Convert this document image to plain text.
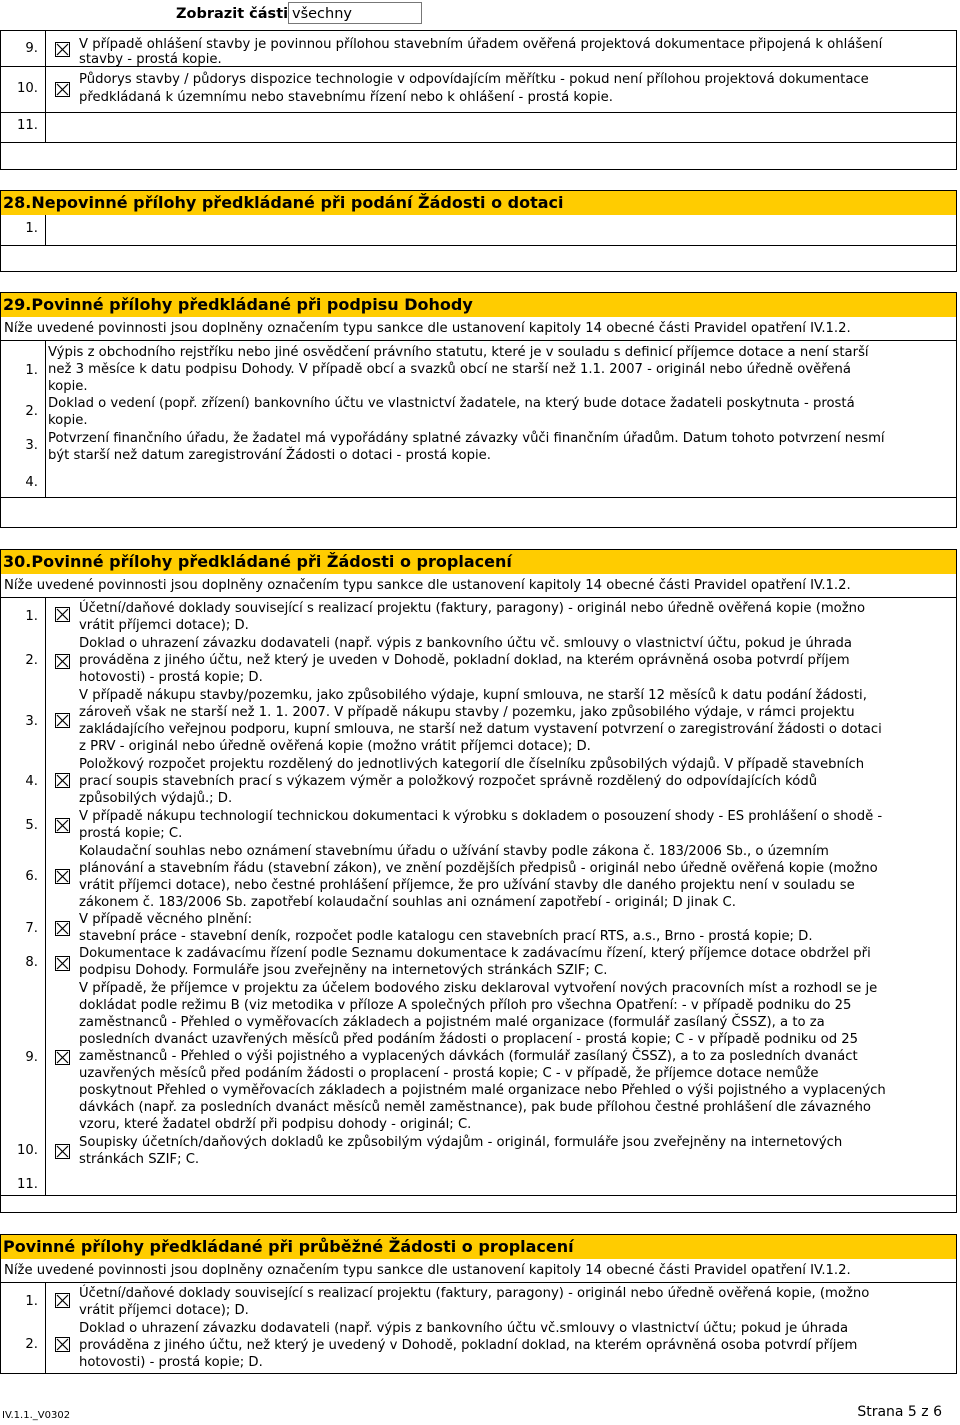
Zobrazit části všechny
9.	V případě ohlášení stavby je povinnou přílohou stavebním úřadem ověřená projektová dokumentace připojená k ohlášení
stavby - prostá kopie.
10.
Půdorys stavby / půdorys dispozice technologie v odpovídajícím měřítku - pokud není přílohou projektová dokumentace
předkládaná k územnímu nebo stavebnímu řízení nebo k ohlášení - prostá kopie.
11.
28.Nepovinné přílohy předkládané při podání Žádosti o dotaci
1.
29.Povinné přílohy předkládané při podpisu Dohody
Níže uvedené povinnosti jsou doplněny označením typu sankce dle ustanovení kapitoly 14 obecné části Pravidel opatření IV.1.2.
1.
Výpis z obchodního rejstříku nebo jiné osvědčení právního statutu, které je v souladu s definicí příjemce dotace a není starší
než 3 měsíce k datu podpisu Dohody. V případě obcí a svazků obcí ne starší než 1.1. 2007 - originál nebo úředně ověřená
kopie.
2.
Doklad o vedení (popř. zřízení) bankovního účtu ve vlastnictví žadatele, na který bude dotace žadateli poskytnuta - prostá
kopie.
3. Potvrzení finančního úřadu, že žadatel má vypořádány splatné závazky vůči finančním úřadům. Datum tohoto potvrzení nesmí
být starší než datum zaregistrování Žádosti o dotaci - prostá kopie.
4.
30.Povinné přílohy předkládané při Žádosti o proplacení
Níže uvedené povinnosti jsou doplněny označením typu sankce dle ustanovení kapitoly 14 obecné části Pravidel opatření IV.1.2.
1.
Účetní/daňové doklady související s realizací projektu (faktury, paragony) - originál nebo úředně ověřená kopie (možno
vrátit příjemci dotace); D.
2.
Doklad o uhrazení závazku dodavateli (např. výpis z bankovního účtu vč. smlouvy o vlastnictví účtu, pokud je úhrada
prováděna z jiného účtu, než který je uveden v Dohodě, pokladní doklad, na kterém oprávněná osoba potvrdí příjem
hotovosti) - prostá kopie; D.
3.
V případě nákupu stavby/pozemku, jako způsobilého výdaje, kupní smlouva, ne starší 12 měsíců k datu podání žádosti,
zároveň však ne starší než 1. 1. 2007. V případě nákupu stavby / pozemku, jako způsobilého výdaje, v rámci projektu
zakládajícího veřejnou podporu, kupní smlouva, ne starší než datum vystavení potvrzení o zaregistrování žádosti o dotaci
z PRV - originál nebo úředně ověřená kopie (možno vrátit příjemci dotace); D.
4.
Položkový rozpočet projektu rozdělený do jednotlivých kategorií dle číselníku způsobilých výdajů. V případě stavebních
prací soupis stavebních prací s výkazem výměr a položkový rozpočet správně rozdělený do odpovídajících kódů
způsobilých výdajů.; D.
5.
V případě nákupu technologií technickou dokumentaci k výrobku s dokladem o posouzení shody - ES prohlášení o shodě -
prostá kopie; C.
6.
Kolaudační souhlas nebo oznámení stavebnímu úřadu o užívání stavby podle zákona č. 183/2006 Sb., o územním
plánování a stavebním řádu (stavební zákon), ve znění pozdějších předpisů - originál nebo úředně ověřená kopie (možno
vrátit příjemci dotace), nebo čestné prohlášení příjemce, že pro užívání stavby dle daného projektu není v souladu se
zákonem č. 183/2006 Sb. zapotřebí kolaudační souhlas ani oznámení zapotřebí - originál; D jinak C.
7.
V případě věcného plnění:
stavební práce - stavební deník, rozpočet podle katalogu cen stavebních prací RTS, a.s., Brno - prostá kopie; D.
8.
Dokumentace k zadávacímu řízení podle Seznamu dokumentace k zadávacímu řízení, který příjemce dotace obdržel při
podpisu Dohody. Formuláře jsou zveřejněny na internetových stránkách SZIF; C.
9.
V případě, že příjemce v projektu za účelem bodového zisku deklaroval vytvoření nových pracovních míst a rozhodl se je
dokládat podle režimu B (viz metodika v příloze A společných příloh pro všechna Opatření: - v případě podniku do 25
zaměstnanců - Přehled o vyměřovacích základech a pojistném malé organizace (formulář zasílaný ČSSZ), a to za
posledních dvanáct uzavřených měsíců před podáním žádosti o proplacení - prostá kopie; C - v případě podniku od 25
zaměstnanců - Přehled o výši pojistného a vyplacených dávkách (formulář zasílaný ČSSZ), a to za posledních dvanáct
uzavřených měsíců před podáním žádosti o proplacení - prostá kopie; C - v případě, že příjemce dotace nemůže
poskytnout Přehled o vyměřovacích základech a pojistném malé organizace nebo Přehled o výši pojistného a vyplacených
dávkách (např. za posledních dvanáct měsíců neměl zaměstnance), pak bude přílohou čestné prohlášení dle závazného
vzoru, které žadatel obdrží při podpisu dohody - originál; C.
10.
Soupisky účetních/daňových dokladů ke způsobilým výdajům - originál, formuláře jsou zveřejněny na internetových
stránkách SZIF; C.
11.
Povinné přílohy předkládané při průběžné Žádosti o proplacení
Níže uvedené povinnosti jsou doplněny označením typu sankce dle ustanovení kapitoly 14 obecné části Pravidel opatření IV.1.2.
1.
Účetní/daňové doklady související s realizací projektu (faktury, paragony) - originál nebo úředně ověřená kopie, (možno
vrátit příjemci dotace); D.
2.
Doklad o uhrazení závazku dodavateli (např. výpis z bankovního účtu vč.smlouvy o vlastnictví účtu; pokud je úhrada
prováděna z jiného účtu, než který je uvedený v Dohodě, pokladní doklad, na kterém oprávněná osoba potvrdí příjem
hotovosti) - prostá kopie; D.
IV.1.1._V0302	Strana 5 z 6
